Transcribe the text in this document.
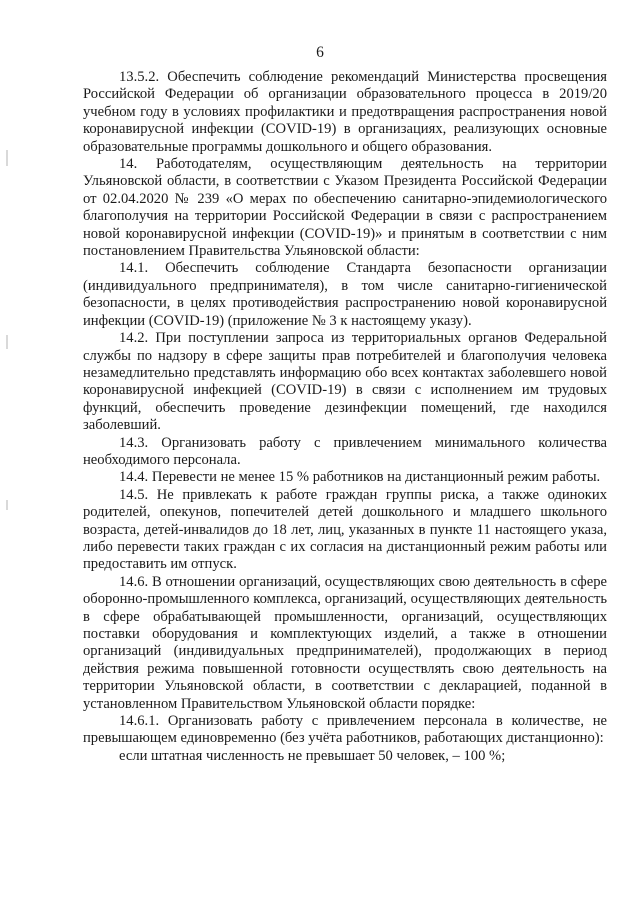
6

13.5.2. Обеспечить соблюдение рекомендаций Министерства просвещения Российской Федерации об организации образовательного процесса в 2019/20 учебном году в условиях профилактики и предотвращения распространения новой коронавирусной инфекции (COVID-19) в организациях, реализующих основные образовательные программы дошкольного и общего образования.

14. Работодателям, осуществляющим деятельность на территории Ульяновской области, в соответствии с Указом Президента Российской Федерации от 02.04.2020 № 239 «О мерах по обеспечению санитарно-эпидемиологического благополучия на территории Российской Федерации в связи с распространением новой коронавирусной инфекции (COVID-19)» и принятым в соответствии с ним постановлением Правительства Ульяновской области:

14.1. Обеспечить соблюдение Стандарта безопасности организации (индивидуального предпринимателя), в том числе санитарно-гигиенической безопасности, в целях противодействия распространению новой коронавирусной инфекции (COVID-19) (приложение № 3 к настоящему указу).

14.2. При поступлении запроса из территориальных органов Федеральной службы по надзору в сфере защиты прав потребителей и благополучия человека незамедлительно представлять информацию обо всех контактах заболевшего новой коронавирусной инфекцией (COVID-19) в связи с исполнением им трудовых функций, обеспечить проведение дезинфекции помещений, где находился заболевший.

14.3. Организовать работу с привлечением минимального количества необходимого персонала.

14.4. Перевести не менее 15 % работников на дистанционный режим работы.

14.5. Не привлекать к работе граждан группы риска, а также одиноких родителей, опекунов, попечителей детей дошкольного и младшего школьного возраста, детей-инвалидов до 18 лет, лиц, указанных в пункте 11 настоящего указа, либо перевести таких граждан с их согласия на дистанционный режим работы или предоставить им отпуск.

14.6. В отношении организаций, осуществляющих свою деятельность в сфере оборонно-промышленного комплекса, организаций, осуществляющих деятельность в сфере обрабатывающей промышленности, организаций, осуществляющих поставки оборудования и комплектующих изделий, а также в отношении организаций (индивидуальных предпринимателей), продолжающих в период действия режима повышенной готовности осуществлять свою деятельность на территории Ульяновской области, в соответствии с декларацией, поданной в установленном Правительством Ульяновской области порядке:

14.6.1. Организовать работу с привлечением персонала в количестве, не превышающем единовременно (без учёта работников, работающих дистанционно):

если штатная численность не превышает 50 человек, – 100 %;
